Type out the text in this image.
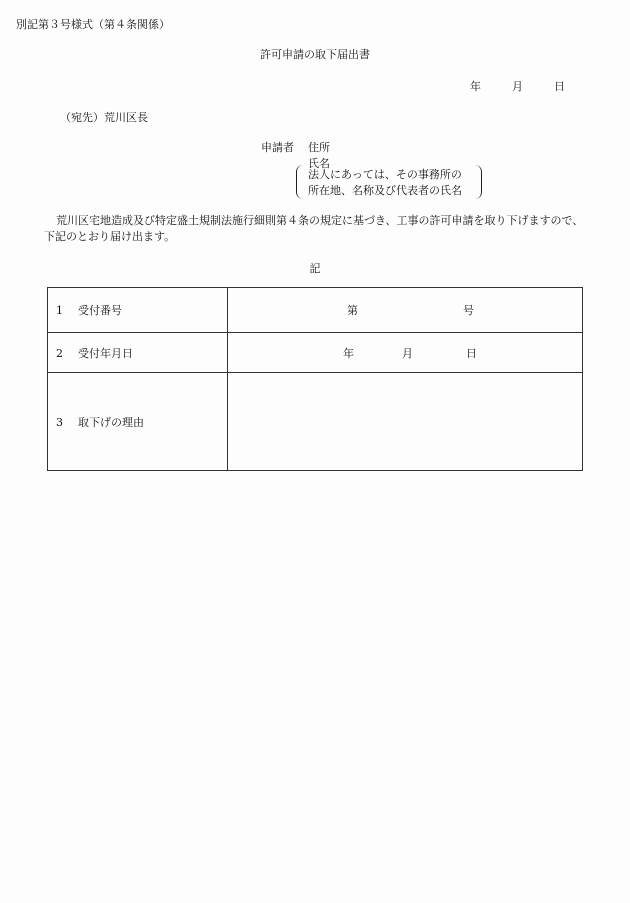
別記第３号様式（第４条関係）
許可申請の取下届出書
年	月	日
（宛先）荒川区長
申請者 住所
氏名
法人にあっては、その事務所の
所在地、名称及び代表者の氏名
荒川区宅地造成及び特定盛土規制法施行細則第４条の規定に基づき、工事の許可申請を取り下げますので、下記のとおり届け出ます。
記
1 受付番号	第 号

2 受付年月日	年 月 日

3 取下げの理由	
